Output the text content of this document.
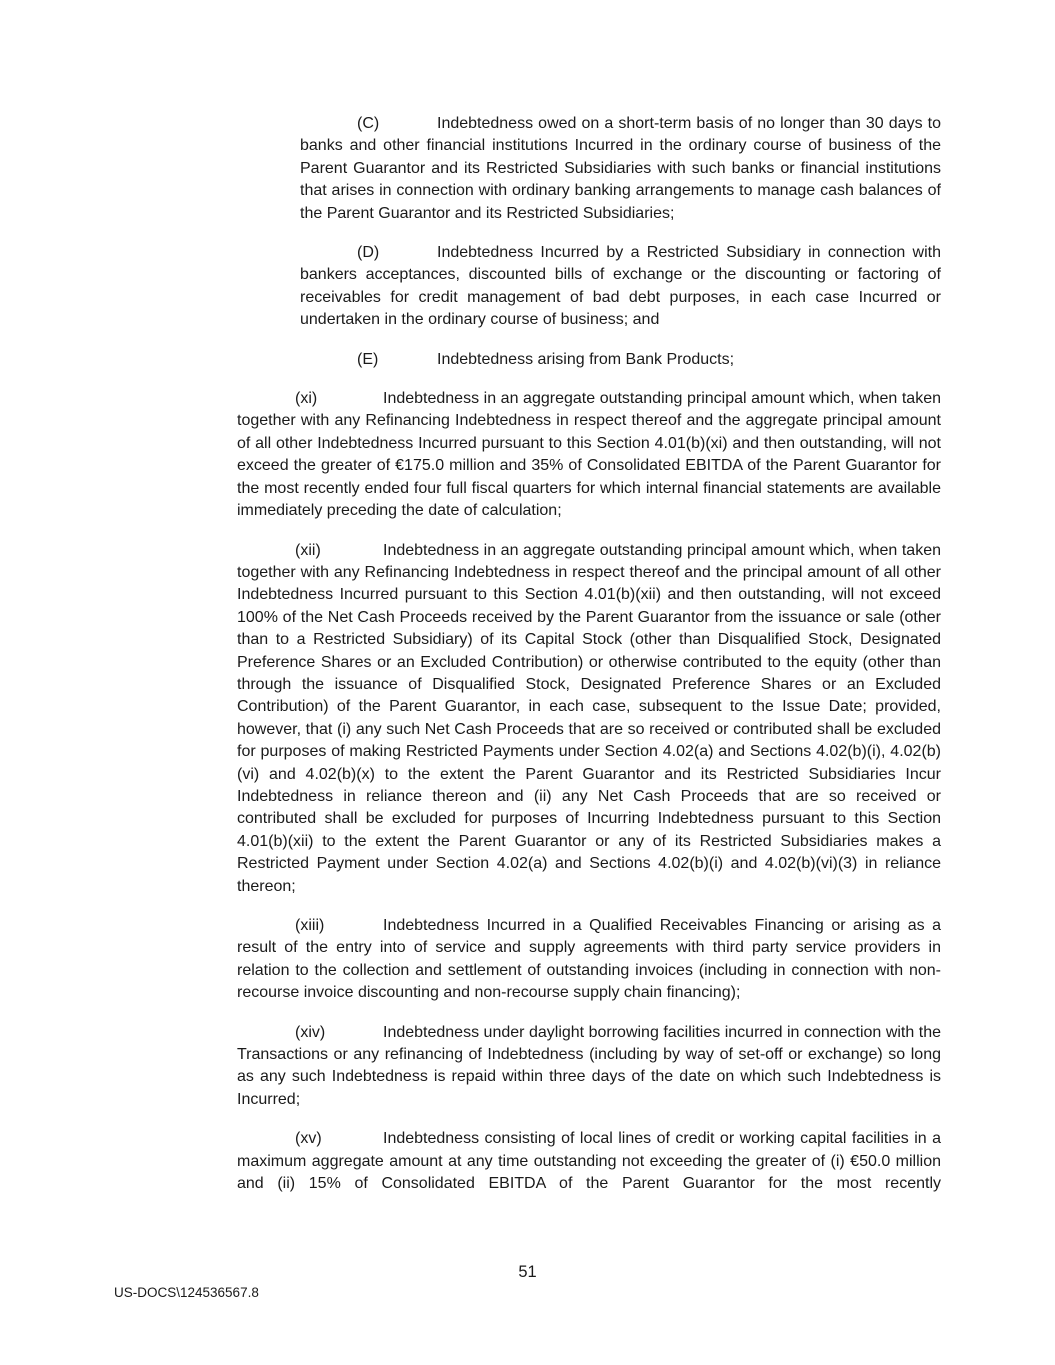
(C)	Indebtedness owed on a short-term basis of no longer than 30 days to banks and other financial institutions Incurred in the ordinary course of business of the Parent Guarantor and its Restricted Subsidiaries with such banks or financial institutions that arises in connection with ordinary banking arrangements to manage cash balances of the Parent Guarantor and its Restricted Subsidiaries;

(D)	Indebtedness Incurred by a Restricted Subsidiary in connection with bankers acceptances, discounted bills of exchange or the discounting or factoring of receivables for credit management of bad debt purposes, in each case Incurred or undertaken in the ordinary course of business; and

(E)	Indebtedness arising from Bank Products;

(xi)	Indebtedness in an aggregate outstanding principal amount which, when taken together with any Refinancing Indebtedness in respect thereof and the aggregate principal amount of all other Indebtedness Incurred pursuant to this Section 4.01(b)(xi) and then outstanding, will not exceed the greater of €175.0 million and 35% of Consolidated EBITDA of the Parent Guarantor for the most recently ended four full fiscal quarters for which internal financial statements are available immediately preceding the date of calculation;

(xii)	Indebtedness in an aggregate outstanding principal amount which, when taken together with any Refinancing Indebtedness in respect thereof and the principal amount of all other Indebtedness Incurred pursuant to this Section 4.01(b)(xii) and then outstanding, will not exceed 100% of the Net Cash Proceeds received by the Parent Guarantor from the issuance or sale (other than to a Restricted Subsidiary) of its Capital Stock (other than Disqualified Stock, Designated Preference Shares or an Excluded Contribution) or otherwise contributed to the equity (other than through the issuance of Disqualified Stock, Designated Preference Shares or an Excluded Contribution) of the Parent Guarantor, in each case, subsequent to the Issue Date; provided, however, that (i) any such Net Cash Proceeds that are so received or contributed shall be excluded for purposes of making Restricted Payments under Section 4.02(a) and Sections 4.02(b)(i), 4.02(b)(vi) and 4.02(b)(x) to the extent the Parent Guarantor and its Restricted Subsidiaries Incur Indebtedness in reliance thereon and (ii) any Net Cash Proceeds that are so received or contributed shall be excluded for purposes of Incurring Indebtedness pursuant to this Section 4.01(b)(xii) to the extent the Parent Guarantor or any of its Restricted Subsidiaries makes a Restricted Payment under Section 4.02(a) and Sections 4.02(b)(i) and 4.02(b)(vi)(3) in reliance thereon;

(xiii)	Indebtedness Incurred in a Qualified Receivables Financing or arising as a result of the entry into of service and supply agreements with third party service providers in relation to the collection and settlement of outstanding invoices (including in connection with non-recourse invoice discounting and non-recourse supply chain financing);

(xiv)	Indebtedness under daylight borrowing facilities incurred in connection with the Transactions or any refinancing of Indebtedness (including by way of set-off or exchange) so long as any such Indebtedness is repaid within three days of the date on which such Indebtedness is Incurred;

(xv)	Indebtedness consisting of local lines of credit or working capital facilities in a maximum aggregate amount at any time outstanding not exceeding the greater of (i) €50.0 million and (ii) 15% of Consolidated EBITDA of the Parent Guarantor for the most recently

51
US-DOCS\124536567.8
